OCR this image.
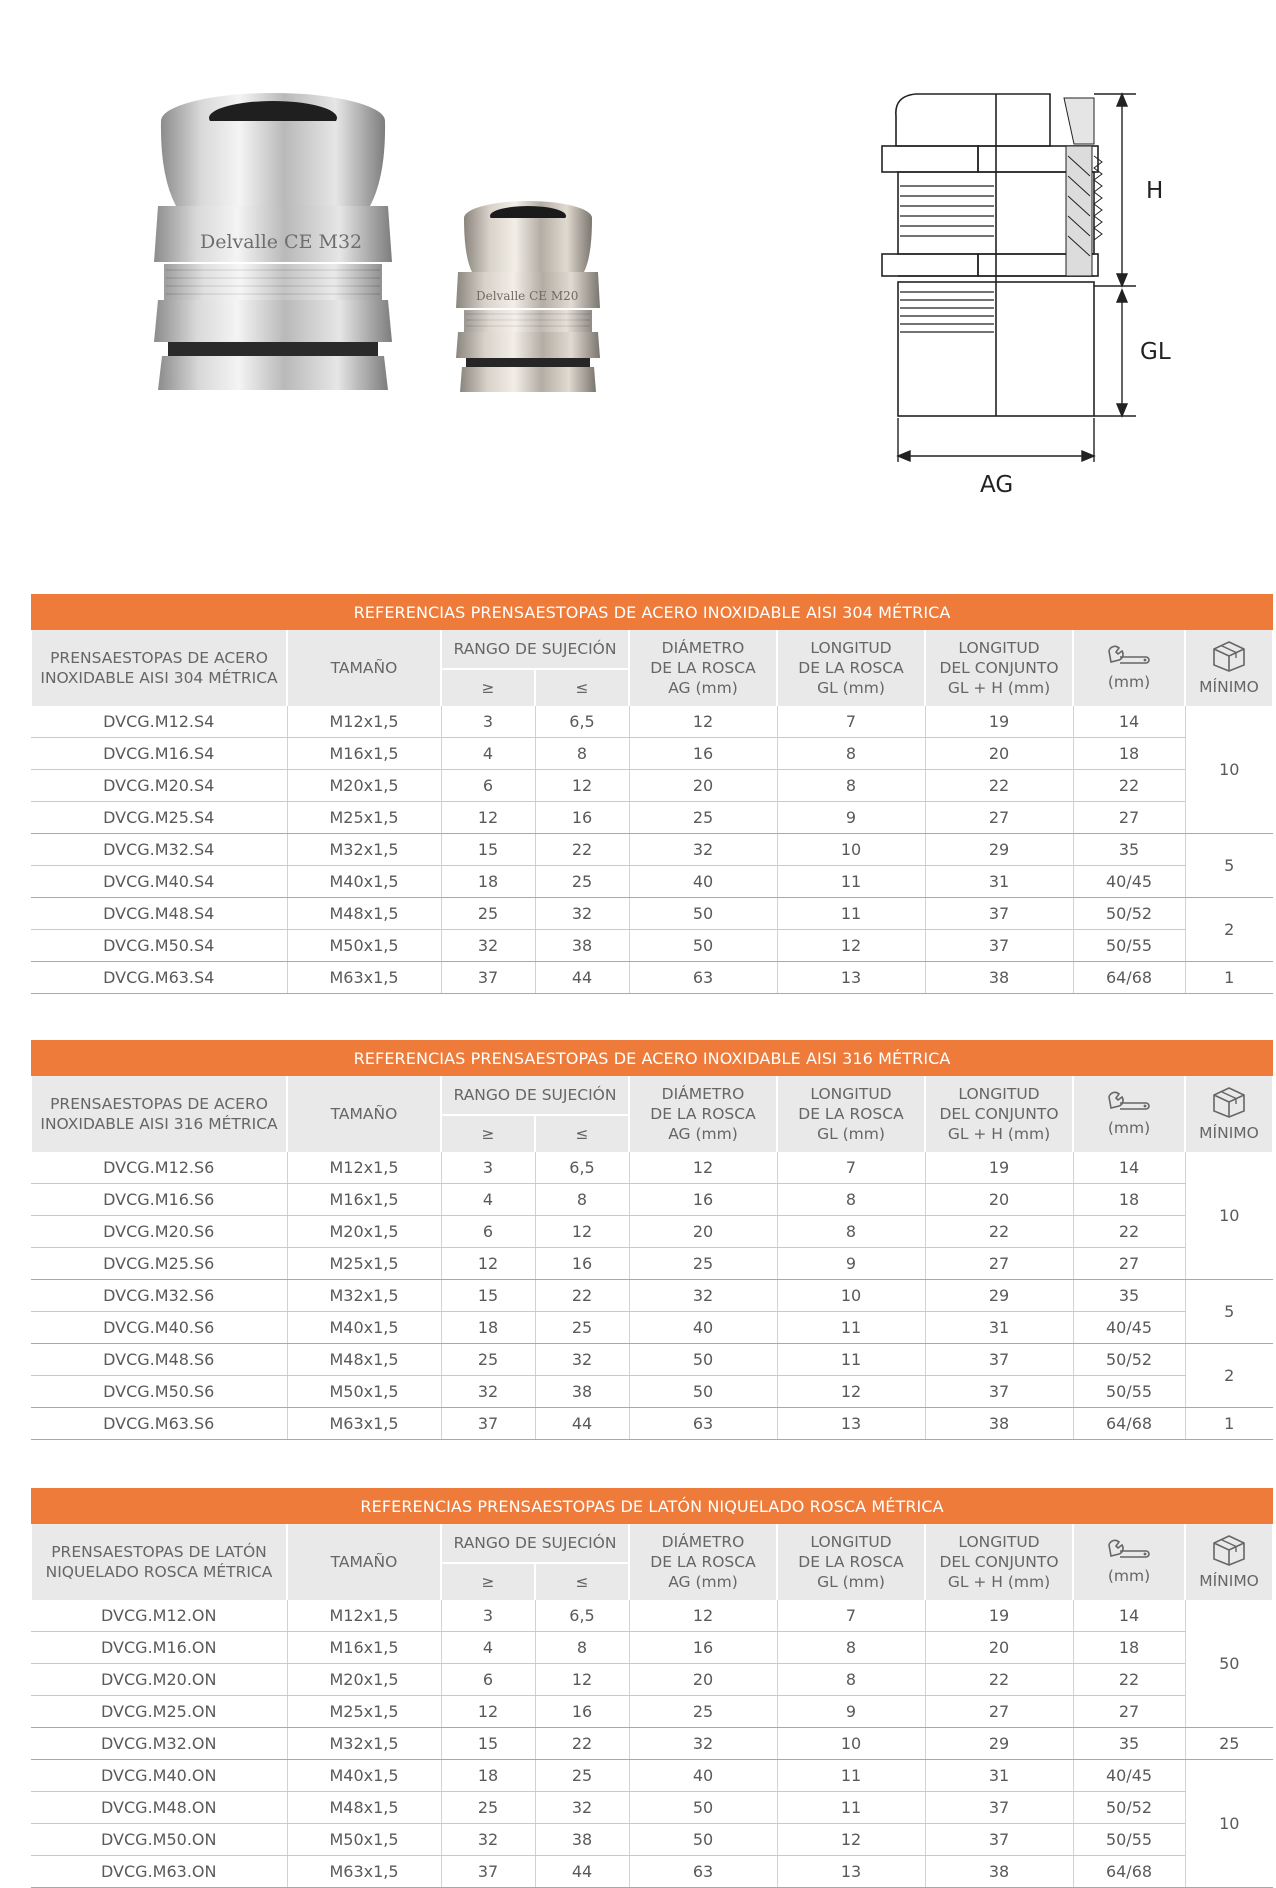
Delvalle CE M32
Delvalle CE M20
H
GL
AG
REFERENCIAS PRENSAESTOPAS DE ACERO INOXIDABLE AISI 304 MÉTRICA								
PRENSAESTOPAS DE ACERO
INOXIDABLE AISI 304 MÉTRICA	TAMAÑO	RANGO DE SUJECIÓN		DIÁMETRO
DE LA ROSCA
AG (mm)	LONGITUD
DE LA ROSCA
GL (mm)	LONGITUD
DEL CONJUNTO
GL + H (mm)	(mm)	MÍNIMO

		≥	≤					
DVCG.M12.S4	M12x1,5	3	6,5	12	7	19	14	10
DVCG.M16.S4	M16x1,5	4	8	16	8	20	18	
DVCG.M20.S4	M20x1,5	6	12	20	8	22	22	
DVCG.M25.S4	M25x1,5	12	16	25	9	27	27	
DVCG.M32.S4	M32x1,5	15	22	32	10	29	35	5
DVCG.M40.S4	M40x1,5	18	25	40	11	31	40/45	
DVCG.M48.S4	M48x1,5	25	32	50	11	37	50/52	2
DVCG.M50.S4	M50x1,5	32	38	50	12	37	50/55	
DVCG.M63.S4	M63x1,5	37	44	63	13	38	64/68	1
REFERENCIAS PRENSAESTOPAS DE ACERO INOXIDABLE AISI 316 MÉTRICA								
PRENSAESTOPAS DE ACERO
INOXIDABLE AISI 316 MÉTRICA	TAMAÑO	RANGO DE SUJECIÓN		DIÁMETRO
DE LA ROSCA
AG (mm)	LONGITUD
DE LA ROSCA
GL (mm)	LONGITUD
DEL CONJUNTO
GL + H (mm)	(mm)	MÍNIMO

		≥	≤					
DVCG.M12.S6	M12x1,5	3	6,5	12	7	19	14	10
DVCG.M16.S6	M16x1,5	4	8	16	8	20	18	
DVCG.M20.S6	M20x1,5	6	12	20	8	22	22	
DVCG.M25.S6	M25x1,5	12	16	25	9	27	27	
DVCG.M32.S6	M32x1,5	15	22	32	10	29	35	5
DVCG.M40.S6	M40x1,5	18	25	40	11	31	40/45	
DVCG.M48.S6	M48x1,5	25	32	50	11	37	50/52	2
DVCG.M50.S6	M50x1,5	32	38	50	12	37	50/55	
DVCG.M63.S6	M63x1,5	37	44	63	13	38	64/68	1
REFERENCIAS PRENSAESTOPAS DE LATÓN NIQUELADO ROSCA MÉTRICA								
PRENSAESTOPAS DE LATÓN
NIQUELADO ROSCA MÉTRICA	TAMAÑO	RANGO DE SUJECIÓN		DIÁMETRO
DE LA ROSCA
AG (mm)	LONGITUD
DE LA ROSCA
GL (mm)	LONGITUD
DEL CONJUNTO
GL + H (mm)	(mm)	MÍNIMO

		≥	≤					
DVCG.M12.ON	M12x1,5	3	6,5	12	7	19	14	50
DVCG.M16.ON	M16x1,5	4	8	16	8	20	18	
DVCG.M20.ON	M20x1,5	6	12	20	8	22	22	
DVCG.M25.ON	M25x1,5	12	16	25	9	27	27	
DVCG.M32.ON	M32x1,5	15	22	32	10	29	35	25
DVCG.M40.ON	M40x1,5	18	25	40	11	31	40/45	10
DVCG.M48.ON	M48x1,5	25	32	50	11	37	50/52	
DVCG.M50.ON	M50x1,5	32	38	50	12	37	50/55	
DVCG.M63.ON	M63x1,5	37	44	63	13	38	64/68	
